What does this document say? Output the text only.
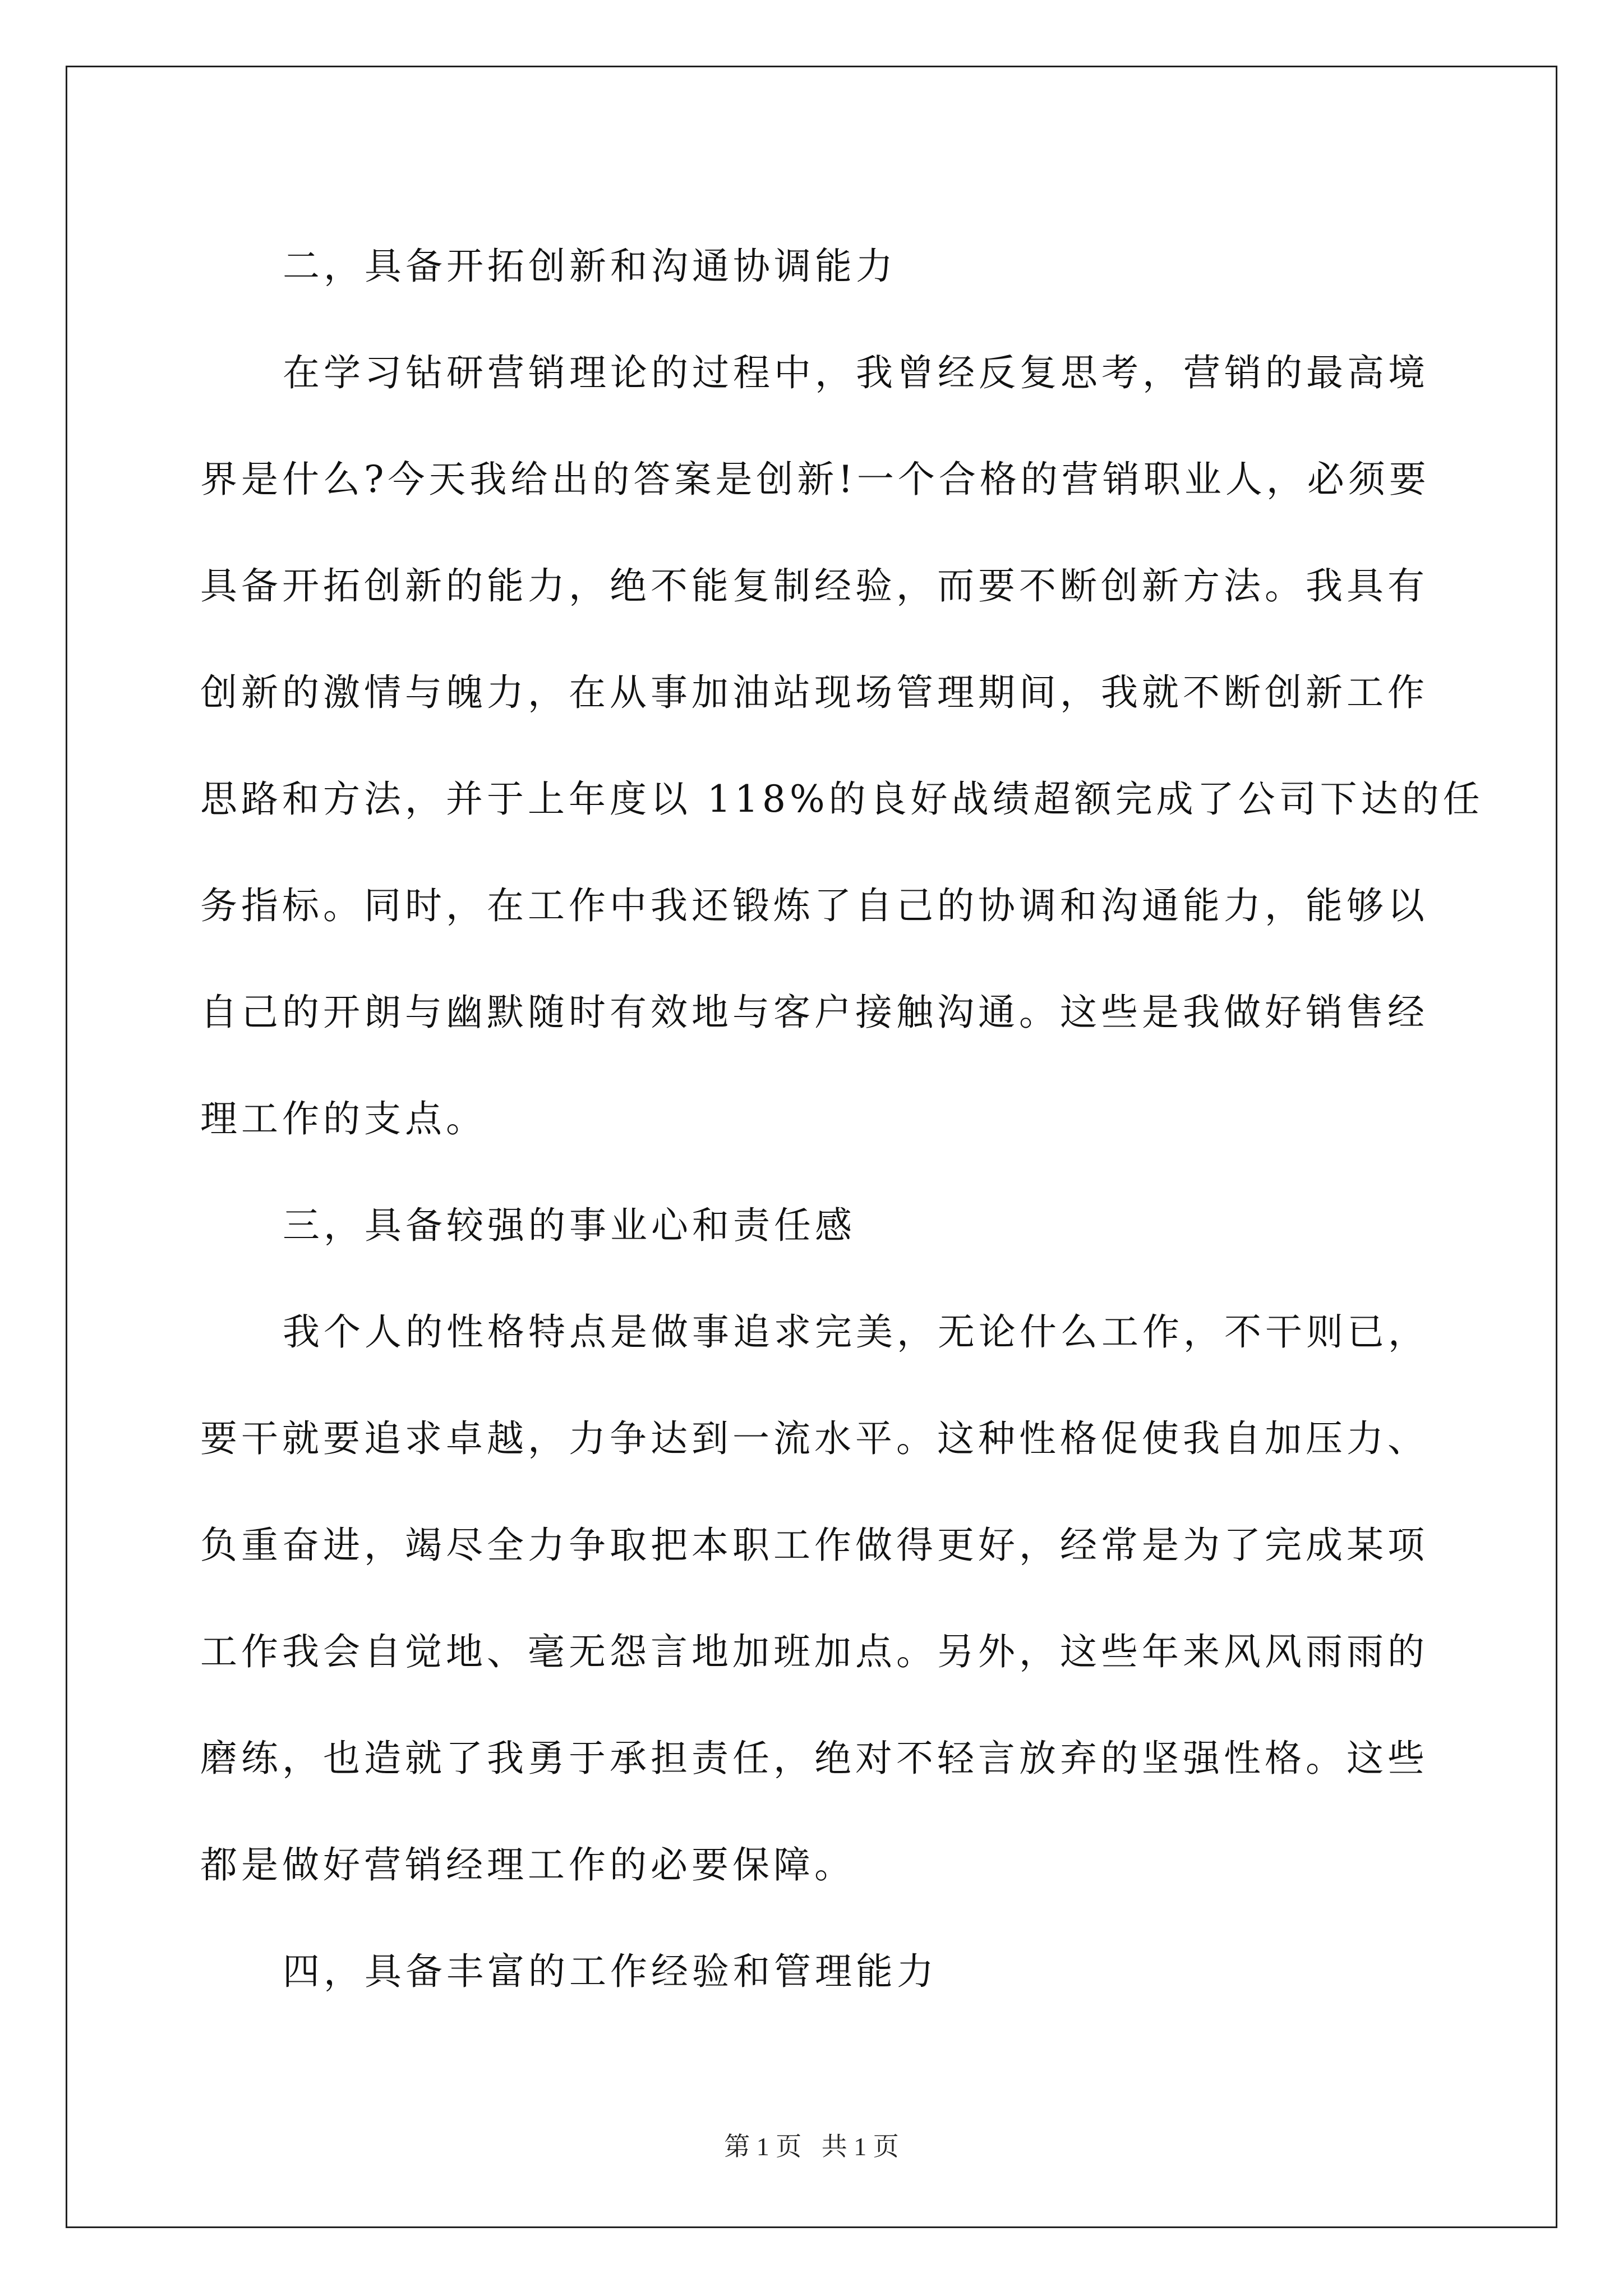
二，具备开拓创新和沟通协调能力

在学习钻研营销理论的过程中，我曾经反复思考，营销的最高境
界是什么?今天我给出的答案是创新!一个合格的营销职业人，必须要
具备开拓创新的能力，绝不能复制经验，而要不断创新方法。我具有
创新的激情与魄力，在从事加油站现场管理期间，我就不断创新工作
思路和方法，并于上年度以 118%的良好战绩超额完成了公司下达的任
务指标。同时，在工作中我还锻炼了自己的协调和沟通能力，能够以
自己的开朗与幽默随时有效地与客户接触沟通。这些是我做好销售经
理工作的支点。

三，具备较强的事业心和责任感

我个人的性格特点是做事追求完美，无论什么工作，不干则已，
要干就要追求卓越，力争达到一流水平。这种性格促使我自加压力、
负重奋进，竭尽全力争取把本职工作做得更好，经常是为了完成某项
工作我会自觉地、毫无怨言地加班加点。另外，这些年来风风雨雨的
磨练，也造就了我勇于承担责任，绝对不轻言放弃的坚强性格。这些
都是做好营销经理工作的必要保障。

四，具备丰富的工作经验和管理能力

第 1 页 共 1 页
